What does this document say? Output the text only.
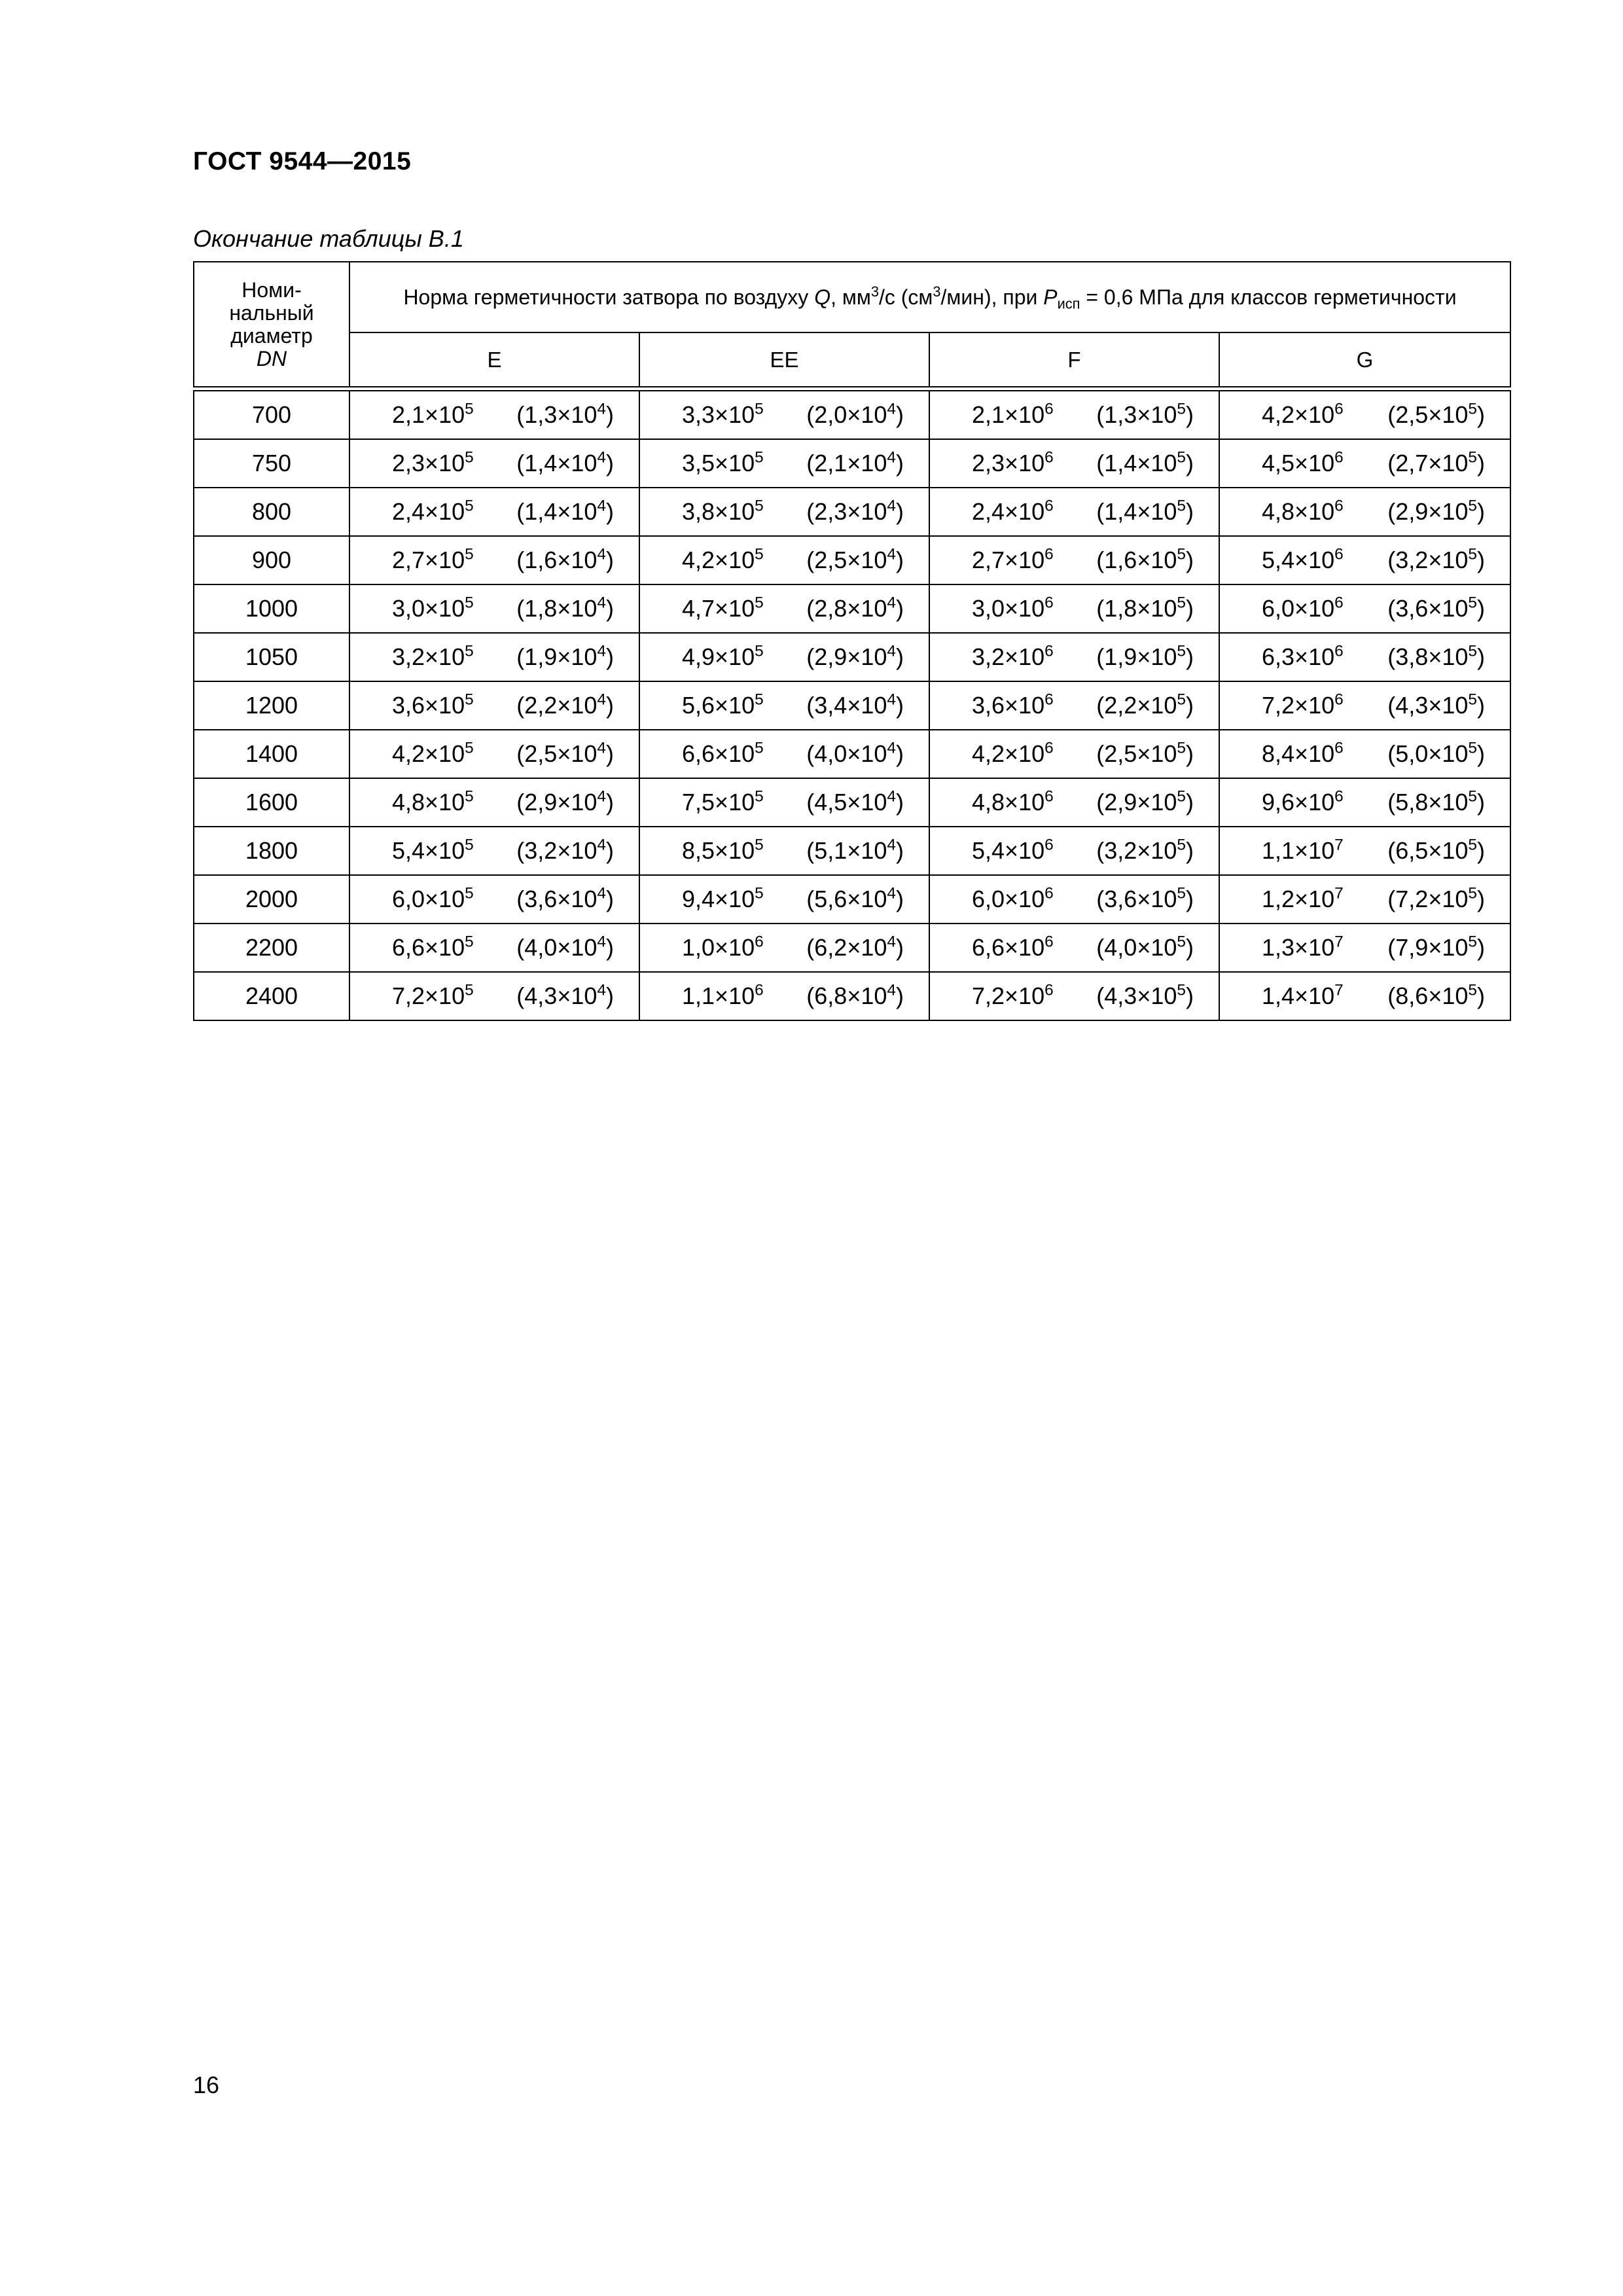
ГОСТ 9544—2015
Окончание таблицы В.1
Номи-
нальный
диаметр
DN	Норма герметичности затвора по воздуху Q, $мм^3/с$ $(см^3/мин)$, при $P_{исп} = 0,6$ МПа для классов герметичности			
	E	EE	F	G

700	$2,1\times 10^5$ $(1,3\times 10^4)$	$3,3\times 10^5$ $(2,0\times 10^4)$	$2,1\times 10^6$ $(1,3\times 10^5)$	$4,2\times 10^6$ $(2,5\times 10^5)$

750	$2,3\times 10^5$ $(1,4\times 10^4)$	$3,5\times 10^5$ $(2,1\times 10^4)$	$2,3\times 10^6$ $(1,4\times 10^5)$	$4,5\times 10^6$ $(2,7\times 10^5)$

800	$2,4\times 10^5$ $(1,4\times 10^4)$	$3,8\times 10^5$ $(2,3\times 10^4)$	$2,4\times 10^6$ $(1,4\times 10^5)$	$4,8\times 10^6$ $(2,9\times 10^5)$

900	$2,7\times 10^5$ $(1,6\times 10^4)$	$4,2\times 10^5$ $(2,5\times 10^4)$	$2,7\times 10^6$ $(1,6\times 10^5)$	$5,4\times 10^6$ $(3,2\times 10^5)$

1000	$3,0\times 10^5$ $(1,8\times 10^4)$	$4,7\times 10^5$ $(2,8\times 10^4)$	$3,0\times 10^6$ $(1,8\times 10^5)$	$6,0\times 10^6$ $(3,6\times 10^5)$

1050	$3,2\times 10^5$ $(1,9\times 10^4)$	$4,9\times 10^5$ $(2,9\times 10^4)$	$3,2\times 10^6$ $(1,9\times 10^5)$	$6,3\times 10^6$ $(3,8\times 10^5)$

1200	$3,6\times 10^5$ $(2,2\times 10^4)$	$5,6\times 10^5$ $(3,4\times 10^4)$	$3,6\times 10^6$ $(2,2\times 10^5)$	$7,2\times 10^6$ $(4,3\times 10^5)$

1400	$4,2\times 10^5$ $(2,5\times 10^4)$	$6,6\times 10^5$ $(4,0\times 10^4)$	$4,2\times 10^6$ $(2,5\times 10^5)$	$8,4\times 10^6$ $(5,0\times 10^5)$

1600	$4,8\times 10^5$ $(2,9\times 10^4)$	$7,5\times 10^5$ $(4,5\times 10^4)$	$4,8\times 10^6$ $(2,9\times 10^5)$	$9,6\times 10^6$ $(5,8\times 10^5)$

1800	$5,4\times 10^5$ $(3,2\times 10^4)$	$8,5\times 10^5$ $(5,1\times 10^4)$	$5,4\times 10^6$ $(3,2\times 10^5)$	$1,1\times 10^7$ $(6,5\times 10^5)$

2000	$6,0\times 10^5$ $(3,6\times 10^4)$	$9,4\times 10^5$ $(5,6\times 10^4)$	$6,0\times 10^6$ $(3,6\times 10^5)$	$1,2\times 10^7$ $(7,2\times 10^5)$

2200	$6,6\times 10^5$ $(4,0\times 10^4)$	$1,0\times 10^6$ $(6,2\times 10^4)$	$6,6\times 10^6$ $(4,0\times 10^5)$	$1,3\times 10^7$ $(7,9\times 10^5)$

2400	$7,2\times 10^5$ $(4,3\times 10^4)$	$1,1\times 10^6$ $(6,8\times 10^4)$	$7,2\times 10^6$ $(4,3\times 10^5)$	$1,4\times 10^7$ $(8,6\times 10^5)$
16
